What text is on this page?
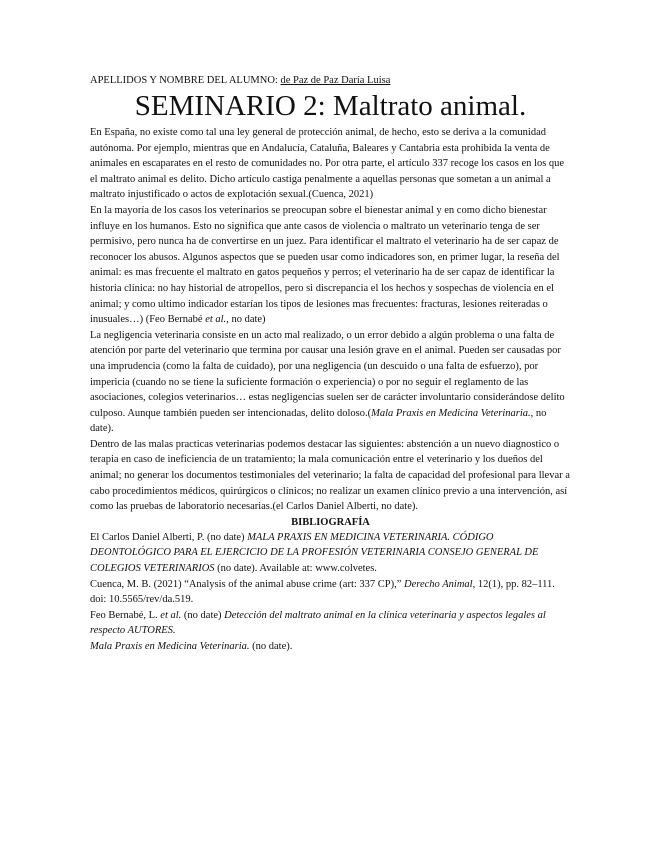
APELLIDOS Y NOMBRE DEL ALUMNO: de Paz de Paz Daría Luisa

SEMINARIO 2: Maltrato animal.

En España, no existe como tal una ley general de protección animal, de hecho, esto se deriva a la comunidad autónoma. Por ejemplo, mientras que en Andalucía, Cataluña, Baleares y Cantabria esta prohibida la venta de animales en escaparates en el resto de comunidades no. Por otra parte, el artículo 337 recoge los casos en los que el maltrato animal es delito. Dicho artículo castiga penalmente a aquellas personas que sometan a un animal a maltrato injustificado o actos de explotación sexual.(Cuenca, 2021)

En la mayoría de los casos los veterinarios se preocupan sobre el bienestar animal y en como dicho bienestar influye en los humanos. Esto no significa que ante casos de violencia o maltrato un veterinario tenga de ser permisivo, pero nunca ha de convertirse en un juez. Para identificar el maltrato el veterinario ha de ser capaz de reconocer los abusos. Algunos aspectos que se pueden usar como indicadores son, en primer lugar, la reseña del animal: es mas frecuente el maltrato en gatos pequeños y perros; el veterinario ha de ser capaz de identificar la historia clínica: no hay historial de atropellos, pero si discrepancia el los hechos y sospechas de violencia en el animal; y como ultimo indicador estarían los tipos de lesiones mas frecuentes: fracturas, lesiones reiteradas o inusuales…) (Feo Bernabé et al., no date)

La negligencia veterinaria consiste en un acto mal realizado, o un error debido a algún problema o una falta de atención por parte del veterinario que termina por causar una lesión grave en el animal. Pueden ser causadas por una imprudencia (como la falta de cuidado), por una negligencia (un descuido o una falta de esfuerzo), por impericia (cuando no se tiene la suficiente formación o experiencia) o por no seguir el reglamento de las asociaciones, colegios veterinarios… estas negligencias suelen ser de carácter involuntario considerándose delito culposo. Aunque también pueden ser intencionadas, delito doloso.(Mala Praxis en Medicina Veterinaria., no date).

Dentro de las malas practicas veterinarias podemos destacar las siguientes: abstención a un nuevo diagnostico o terapia en caso de ineficiencia de un tratamiento; la mala comunicación entre el veterinario y los dueños del animal; no generar los documentos testimoniales del veterinario; la falta de capacidad del profesional para llevar a cabo procedimientos médicos, quirúrgicos o clínicos; no realizar un examen clínico previo a una intervención, así como las pruebas de laboratorio necesarias.(el Carlos Daniel Alberti, no date).

BIBLIOGRAFÍA

El Carlos Daniel Alberti, P. (no date) MALA PRAXIS EN MEDICINA VETERINARIA. CÓDIGO DEONTOLÓGICO PARA EL EJERCICIO DE LA PROFESIÓN VETERINARIA CONSEJO GENERAL DE COLEGIOS VETERINARIOS (no date). Available at: www.colvetes.

Cuenca, M. B. (2021) “Analysis of the animal abuse crime (art: 337 CP),” Derecho Animal, 12(1), pp. 82–111. doi: 10.5565/rev/da.519.

Feo Bernabé, L. et al. (no date) Detección del maltrato animal en la clínica veterinaria y aspectos legales al respecto AUTORES.

Mala Praxis en Medicina Veterinaria. (no date).
